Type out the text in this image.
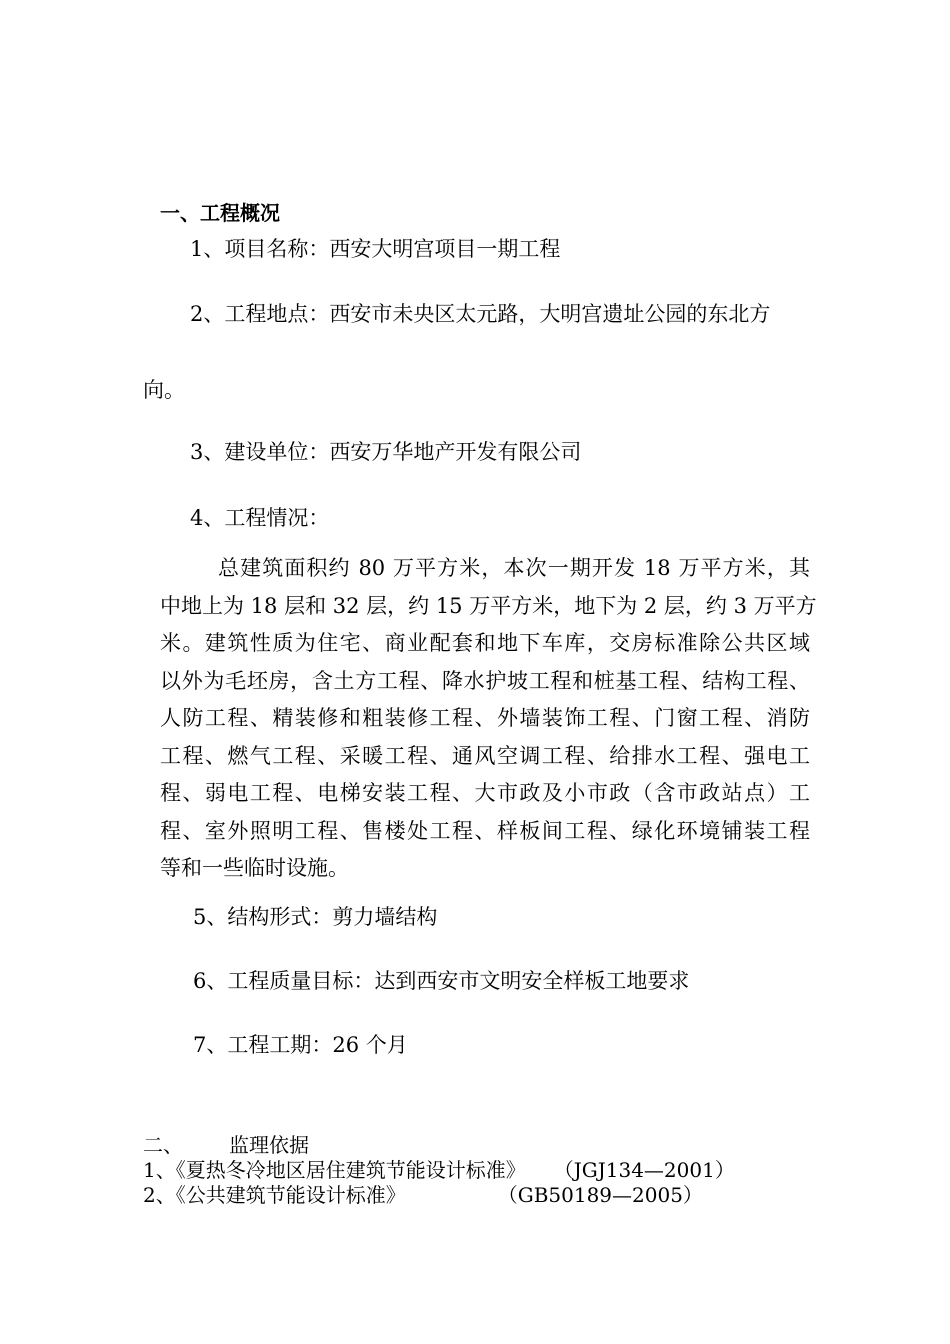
一、工程概况
1、项目名称：西安大明宫项目一期工程
2、工程地点：西安市未央区太元路，大明宫遗址公园的东北方
向。
3、建设单位：西安万华地产开发有限公司
4、工程情况：
总建筑面积约 80 万平方米，本次一期开发 18 万平方米，其
中地上为 18 层和 32 层，约 15 万平方米，地下为 2 层，约 3 万平方
米。建筑性质为住宅、商业配套和地下车库，交房标准除公共区域
以外为毛坯房，含土方工程、降水护坡工程和桩基工程、结构工程、
人防工程、精装修和粗装修工程、外墙装饰工程、门窗工程、消防
工程、燃气工程、采暖工程、通风空调工程、给排水工程、强电工
程、弱电工程、电梯安装工程、大市政及小市政（含市政站点）工
程、室外照明工程、售楼处工程、样板间工程、绿化环境铺装工程
等和一些临时设施。
5、结构形式：剪力墙结构
6、工程质量目标：达到西安市文明安全样板工地要求
7、工程工期：26 个月
二、 监理依据
1、《夏热冬冷地区居住建筑节能设计标准》 （JGJ134—2001）
2、《公共建筑节能设计标准》	（GB50189—2005）
